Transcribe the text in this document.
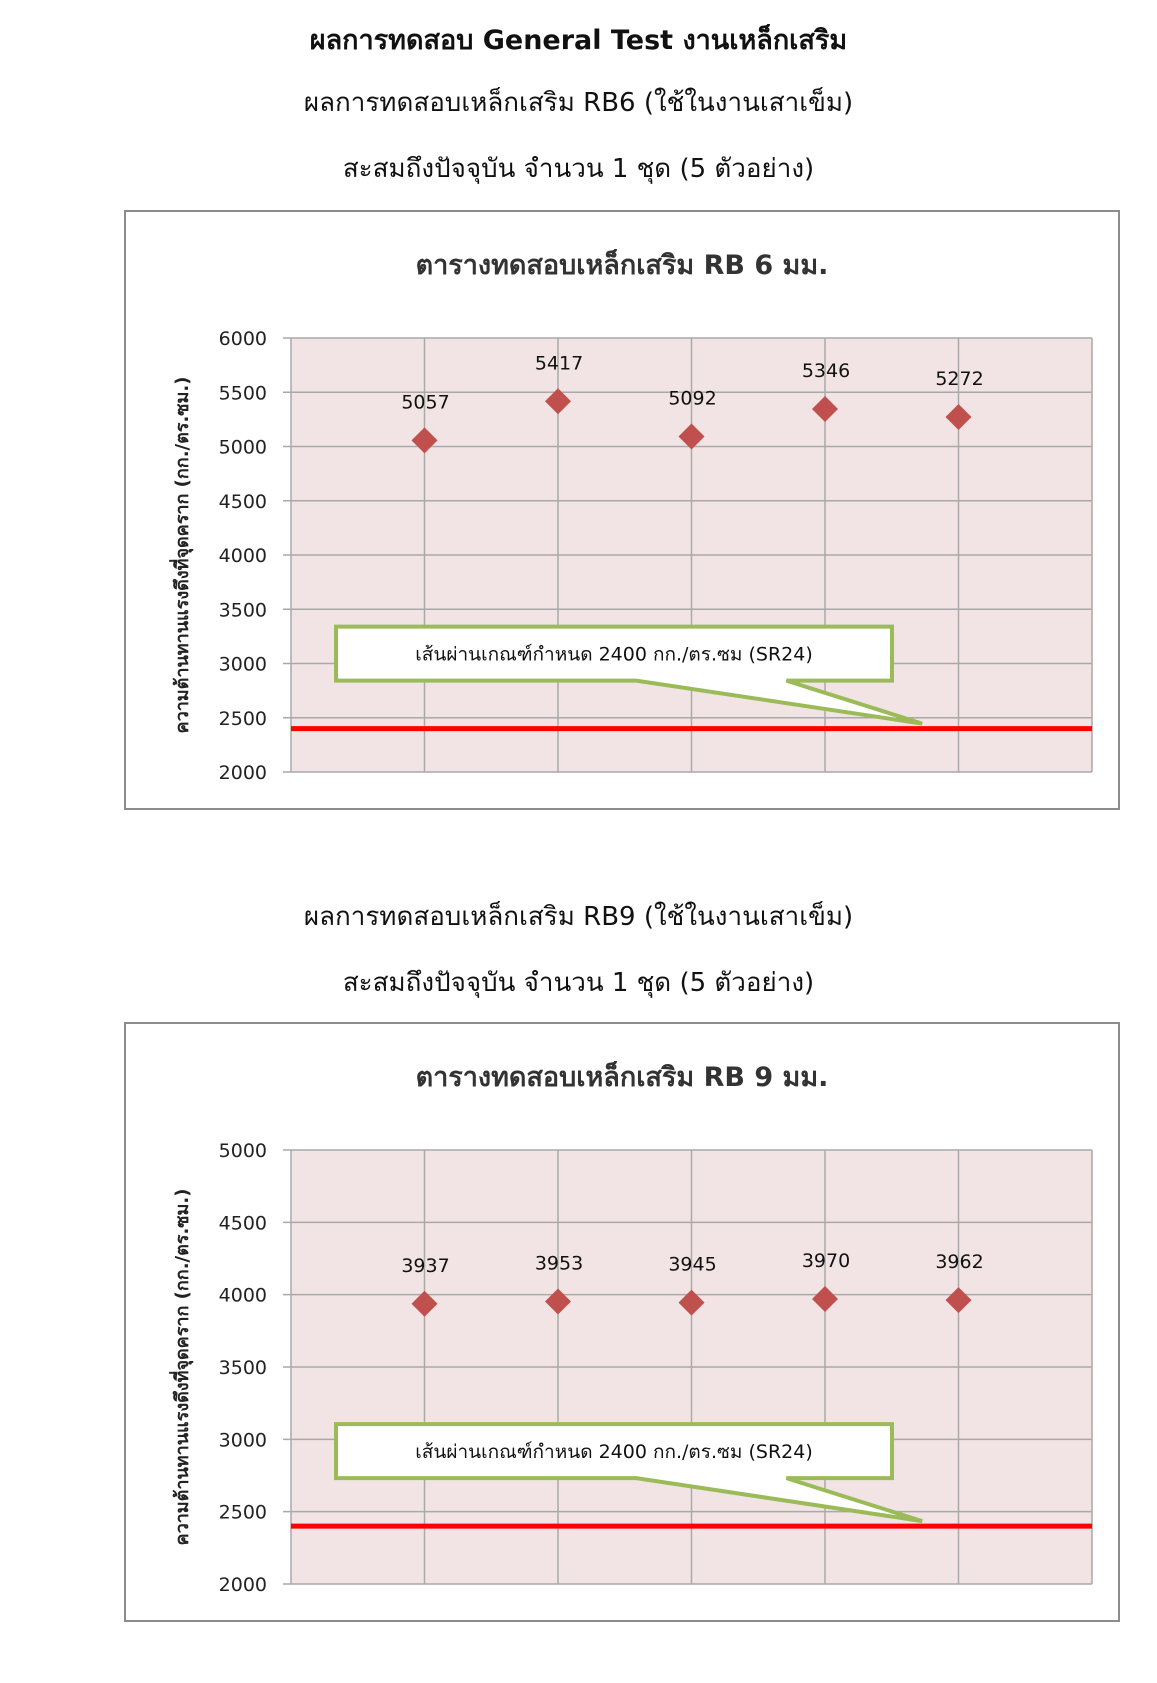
ผลการทดสอบ General Test งานเหล็กเสริม
ผลการทดสอบเหล็กเสริม RB6 (ใช้ในงานเสาเข็ม)
สะสมถึงปัจจุบัน จำนวน 1 ชุด (5 ตัวอย่าง)
ตารางทดสอบเหล็กเสริม RB 6 มม.
2000
2500
3000
3500
4000
4500
5000
5500
6000
ความต้านทานแรงดึงที่จุดคราก (กก./ตร.ซม.)	เส้นผ่านเกณฑ์กำหนด 2400 กก./ตร.ซม (SR24)
5057
5417
5092
5346	5272
ผลการทดสอบเหล็กเสริม RB9 (ใช้ในงานเสาเข็ม)
สะสมถึงปัจจุบัน จำนวน 1 ชุด (5 ตัวอย่าง)
ตารางทดสอบเหล็กเสริม RB 9 มม.
2000
2500
3000
3500
4000
4500
5000
ความต้านทานแรงดึงที่จุดคราก (กก./ตร.ซม.)	เส้นผ่านเกณฑ์กำหนด 2400 กก./ตร.ซม (SR24)
3937	3953	3945	3970	3962
